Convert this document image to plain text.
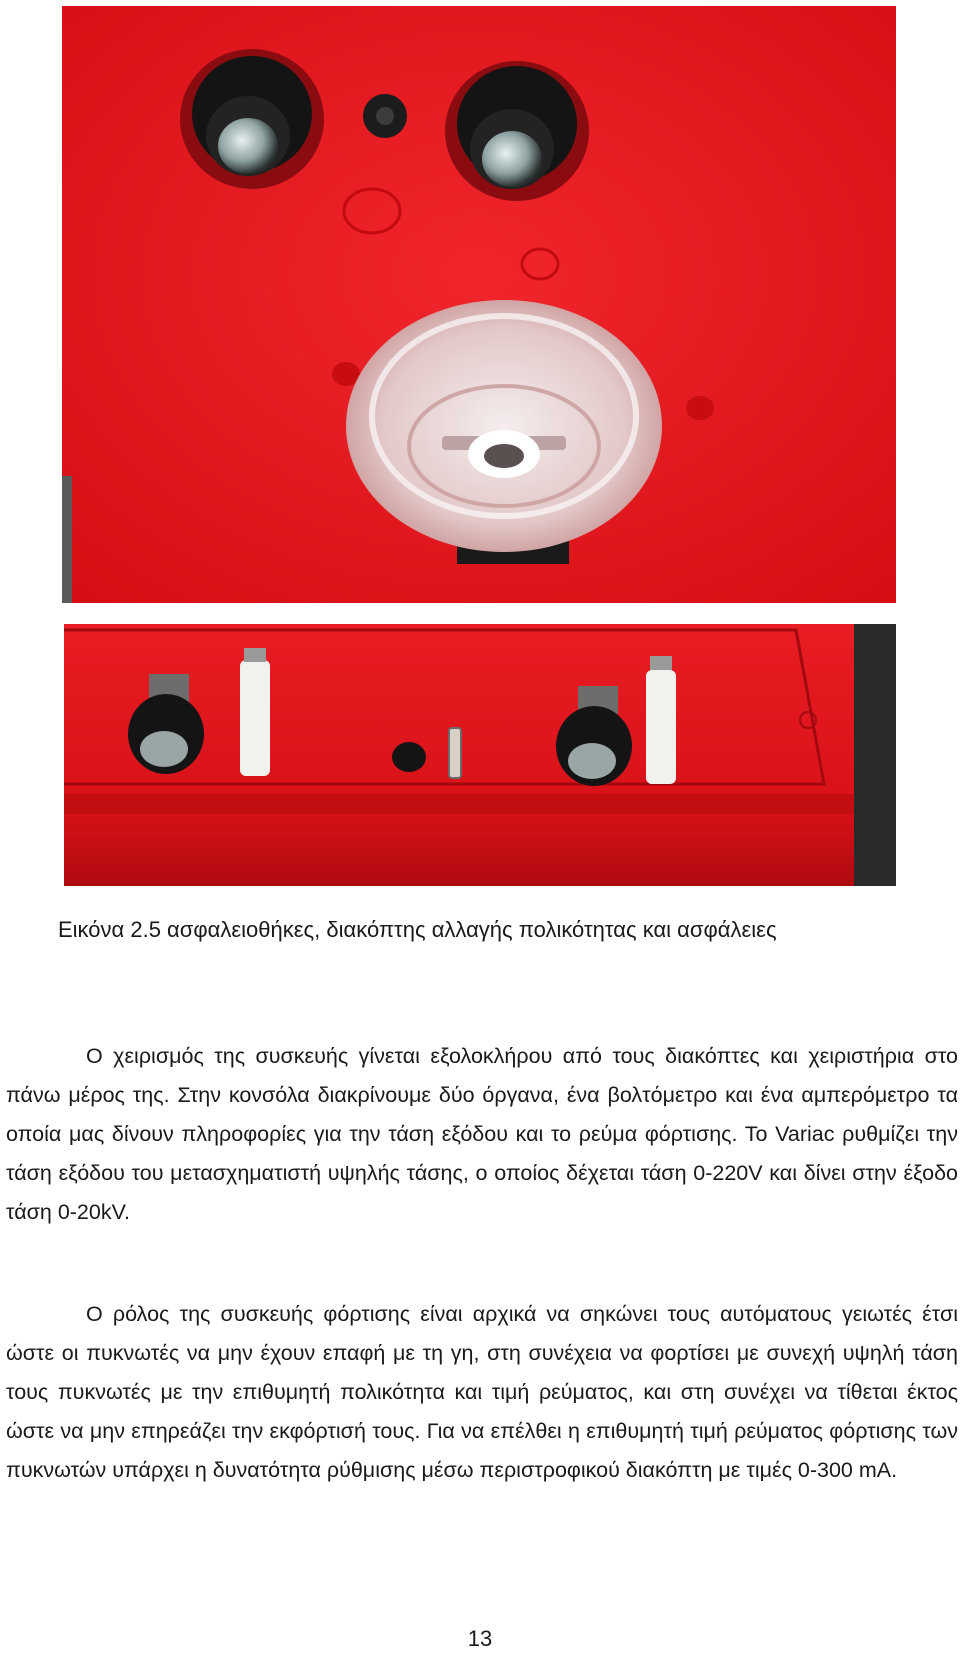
Εικόνα 2.5 ασφαλειοθήκες, διακόπτης αλλαγής πολικότητας και ασφάλειες

Ο χειρισμός της συσκευής γίνεται εξολοκλήρου από τους διακόπτες και χειριστήρια στο πάνω μέρος της. Στην κονσόλα διακρίνουμε δύο όργανα, ένα βολτόμετρο και ένα αμπερόμετρο τα οποία μας δίνουν πληροφορίες για την τάση εξόδου και το ρεύμα φόρτισης. Το Variac ρυθμίζει την τάση εξόδου του μετασχηματιστή υψηλής τάσης, ο οποίος δέχεται τάση 0-220V και δίνει στην έξοδο τάση 0-20kV.

Ο ρόλος της συσκευής φόρτισης είναι αρχικά να σηκώνει τους αυτόματους γειωτές έτσι ώστε οι πυκνωτές να μην έχουν επαφή με τη γη, στη συνέχεια να φορτίσει με συνεχή υψηλή τάση τους πυκνωτές με την επιθυμητή πολικότητα και τιμή ρεύματος, και στη συνέχει να τίθεται έκτος ώστε να μην επηρεάζει την εκφόρτισή τους. Για να επέλθει η επιθυμητή τιμή ρεύματος φόρτισης των πυκνωτών υπάρχει η δυνατότητα ρύθμισης μέσω περιστροφικού διακόπτη με τιμές 0-300 mA.

13
